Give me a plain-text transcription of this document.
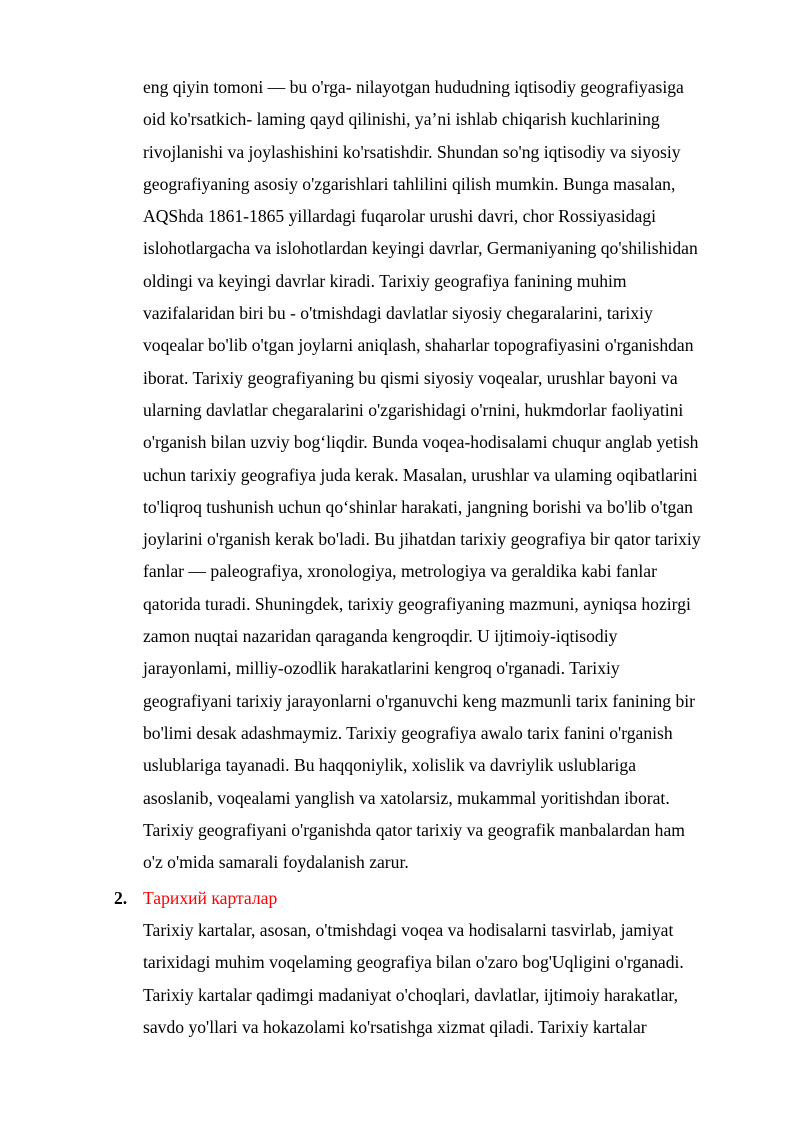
eng qiyin tomoni — bu o'rga- nilayotgan hududning iqtisodiy geografiyasiga
oid ko'rsatkich- laming qayd qilinishi, ya’ni ishlab chiqarish kuchlarining
rivojlanishi va joylashishini ko'rsatishdir. Shundan so'ng iqtisodiy va siyosiy
geografiyaning asosiy o'zgarishlari tahlilini qilish mumkin. Bunga masalan,
AQShda 1861-1865 yillardagi fuqarolar urushi davri, chor Rossiyasidagi
islohotlargacha va islohotlardan keyingi davrlar, Germaniyaning qo'shilishidan
oldingi va keyingi davrlar kiradi. Tarixiy geografiya fanining muhim
vazifalaridan biri bu - o'tmishdagi davlatlar siyosiy chegaralarini, tarixiy
voqealar bo'lib o'tgan joylarni aniqlash, shaharlar topografiyasini o'rganishdan
iborat. Tarixiy geografiyaning bu qismi siyosiy voqealar, urushlar bayoni va
ularning davlatlar chegaralarini o'zgarishidagi o'rnini, hukmdorlar faoliyatini
o'rganish bilan uzviy bog‘liqdir. Bunda voqea-hodisalami chuqur anglab yetish
uchun tarixiy geografiya juda kerak. Masalan, urushlar va ulaming oqibatlarini
to'liqroq tushunish uchun qo‘shinlar harakati, jangning borishi va bo'lib o'tgan
joylarini o'rganish kerak bo'ladi. Bu jihatdan tarixiy geografiya bir qator tarixiy
fanlar — paleografiya, xronologiya, metrologiya va geraldika kabi fanlar
qatorida turadi. Shuningdek, tarixiy geografiyaning mazmuni, ayniqsa hozirgi
zamon nuqtai nazaridan qaraganda kengroqdir. U ijtimoiy-iqtisodiy
jarayonlami, milliy-ozodlik harakatlarini kengroq o'rganadi. Tarixiy
geografiyani tarixiy jarayonlarni o'rganuvchi keng mazmunli tarix fanining bir
bo'limi desak adashmaymiz. Tarixiy geografiya awalo tarix fanini o'rganish
uslublariga tayanadi. Bu haqqoniylik, xolislik va davriylik uslublariga
asoslanib, voqealami yanglish va xatolarsiz, mukammal yoritishdan iborat.
Tarixiy geografiyani o'rganishda qator tarixiy va geografik manbalardan ham
o'z o'mida samarali foydalanish zarur.
2. Тарихий карталар
Tarixiy kartalar, asosan, o'tmishdagi voqea va hodisalarni tasvirlab, jamiyat
tarixidagi muhim voqelaming geografiya bilan o'zaro bog'Uqligini o'rganadi.
Tarixiy kartalar qadimgi madaniyat o'choqlari, davlatlar, ijtimoiy harakatlar,
savdo yo'llari va hokazolami ko'rsatishga xizmat qiladi. Tarixiy kartalar
